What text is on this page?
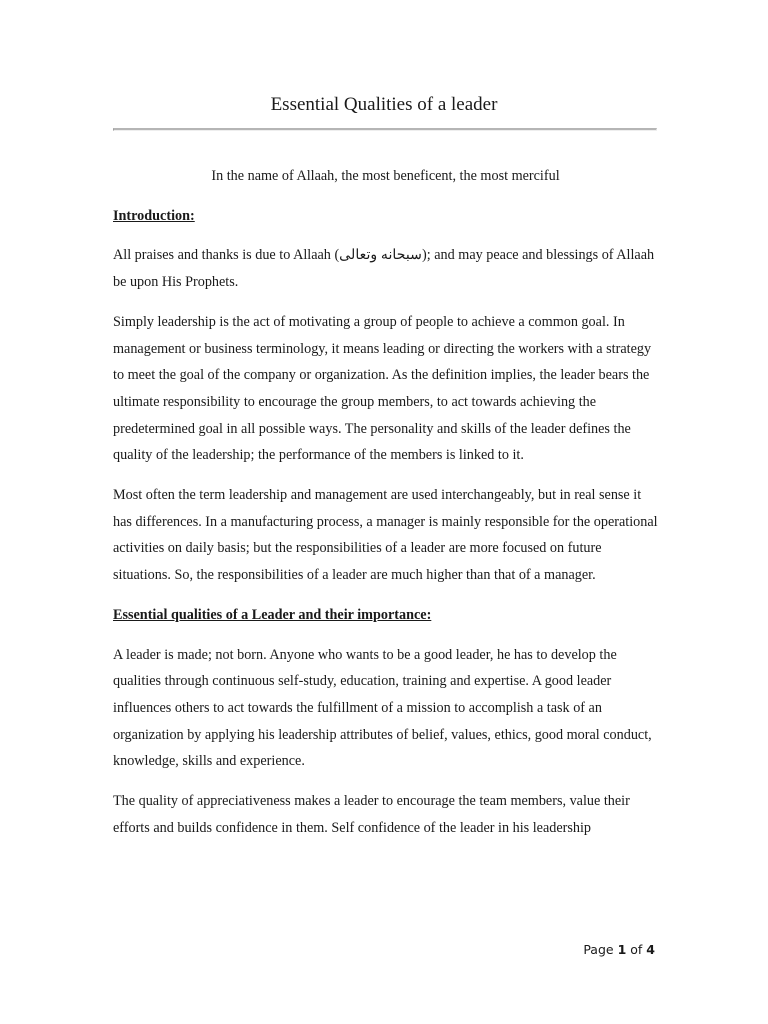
Essential Qualities of a leader

In the name of Allaah, the most beneficent, the most merciful

Introduction:

All praises and thanks is due to Allaah (سبحانه وتعالى); and may peace and blessings of Allaah be upon His Prophets.

Simply leadership is the act of motivating a group of people to achieve a common goal. In management or business terminology, it means leading or directing the workers with a strategy to meet the goal of the company or organization. As the definition implies, the leader bears the ultimate responsibility to encourage the group members, to act towards achieving the predetermined goal in all possible ways. The personality and skills of the leader defines the quality of the leadership; the performance of the members is linked to it.

Most often the term leadership and management are used interchangeably, but in real sense it has differences. In a manufacturing process, a manager is mainly responsible for the operational activities on daily basis; but the responsibilities of a leader are more focused on future situations. So, the responsibilities of a leader are much higher than that of a manager.

Essential qualities of a Leader and their importance:

A leader is made; not born. Anyone who wants to be a good leader, he has to develop the qualities through continuous self-study, education, training and expertise. A good leader influences others to act towards the fulfillment of a mission to accomplish a task of an organization by applying his leadership attributes of belief, values, ethics, good moral conduct, knowledge, skills and experience.

The quality of appreciativeness makes a leader to encourage the team members, value their efforts and builds confidence in them. Self confidence of the leader in his leadership

Page 1 of 4
